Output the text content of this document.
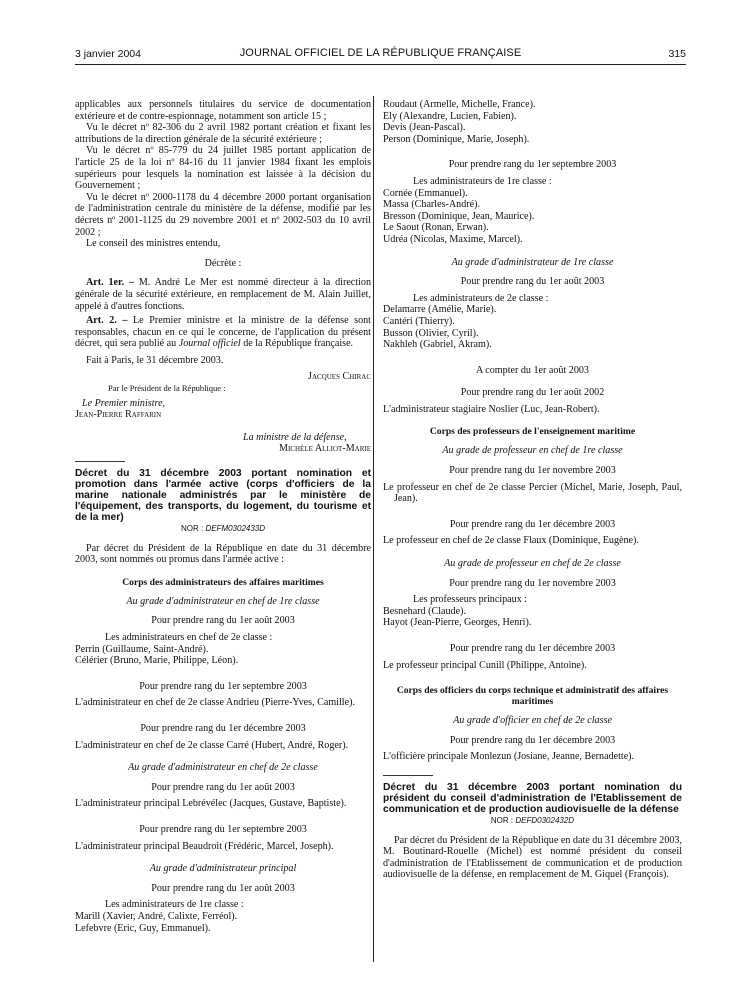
3 janvier 2004	JOURNAL OFFICIEL DE LA RÉPUBLIQUE FRANÇAISE	315

applicables aux personnels titulaires du service de documentation extérieure et de contre-espionnage, notamment son article 15 ;

Vu le décret nº 82-306 du 2 avril 1982 portant création et fixant les attributions de la direction générale de la sécurité extérieure ;

Vu le décret nº 85-779 du 24 juillet 1985 portant application de l'article 25 de la loi nº 84-16 du 11 janvier 1984 fixant les emplois supérieurs pour lesquels la nomination est laissée à la décision du Gouvernement ;

Vu le décret nº 2000-1178 du 4 décembre 2000 portant organisation de l'administration centrale du ministère de la défense, modifié par les décrets nº 2001-1125 du 29 novembre 2001 et nº 2002-503 du 10 avril 2002 ;

Le conseil des ministres entendu,

Décrète :

Art. 1er. – M. André Le Mer est nommé directeur à la direction générale de la sécurité extérieure, en remplacement de M. Alain Juillet, appelé à d'autres fonctions.

Art. 2. – Le Premier ministre et la ministre de la défense sont responsables, chacun en ce qui le concerne, de l'application du présent décret, qui sera publié au Journal officiel de la République française.

Fait à Paris, le 31 décembre 2003.

Jacques Chirac

Par le Président de la République :

Le Premier ministre,

Jean-Pierre Raffarin

La ministre de la défense,

Michèle Alliot-Marie

Décret du 31 décembre 2003 portant nomination et promotion dans l'armée active (corps d'officiers de la marine nationale administrés par le ministère de l'équipement, des transports, du logement, du tourisme et de la mer)

NOR : DEFM0302433D

Par décret du Président de la République en date du 31 décembre 2003, sont nommés ou promus dans l'armée active :

Corps des administrateurs des affaires maritimes

Au grade d'administrateur en chef de 1re classe

Pour prendre rang du 1er août 2003

Les administrateurs en chef de 2e classe :

Perrin (Guillaume, Saint-André).

Célérier (Bruno, Marie, Philippe, Léon).

Pour prendre rang du 1er septembre 2003

L'administrateur en chef de 2e classe Andrieu (Pierre-Yves, Camille).

Pour prendre rang du 1er décembre 2003

L'administrateur en chef de 2e classe Carré (Hubert, André, Roger).

Au grade d'administrateur en chef de 2e classe

Pour prendre rang du 1er août 2003

L'administrateur principal Lebrévélec (Jacques, Gustave, Baptiste).

Pour prendre rang du 1er septembre 2003

L'administrateur principal Beaudroit (Frédéric, Marcel, Joseph).

Au grade d'administrateur principal

Pour prendre rang du 1er août 2003

Les administrateurs de 1re classe :

Marill (Xavier, André, Calixte, Ferréol).

Lefebvre (Eric, Guy, Emmanuel).

Roudaut (Armelle, Michelle, France).

Ely (Alexandre, Lucien, Fabien).

Devis (Jean-Pascal).

Person (Dominique, Marie, Joseph).

Pour prendre rang du 1er septembre 2003

Les administrateurs de 1re classe :

Cornée (Emmanuel).

Massa (Charles-André).

Bresson (Dominique, Jean, Maurice).

Le Saout (Ronan, Erwan).

Udréa (Nicolas, Maxime, Marcel).

Au grade d'administrateur de 1re classe

Pour prendre rang du 1er août 2003

Les administrateurs de 2e classe :

Delamarre (Amélie, Marie).

Cantéri (Thierry).

Busson (Olivier, Cyril).

Nakhleh (Gabriel, Akram).

A compter du 1er août 2003

Pour prendre rang du 1er août 2002

L'administrateur stagiaire Noslier (Luc, Jean-Robert).

Corps des professeurs de l'enseignement maritime

Au grade de professeur en chef de 1re classe

Pour prendre rang du 1er novembre 2003

Le professeur en chef de 2e classe Percier (Michel, Marie, Joseph, Paul, Jean).

Pour prendre rang du 1er décembre 2003

Le professeur en chef de 2e classe Flaux (Dominique, Eugène).

Au grade de professeur en chef de 2e classe

Pour prendre rang du 1er novembre 2003

Les professeurs principaux :

Besnehard (Claude).

Hayot (Jean-Pierre, Georges, Henri).

Pour prendre rang du 1er décembre 2003

Le professeur principal Cunill (Philippe, Antoine).

Corps des officiers du corps technique et administratif des affaires maritimes

Au grade d'officier en chef de 2e classe

Pour prendre rang du 1er décembre 2003

L'officière principale Monlezun (Josiane, Jeanne, Bernadette).

Décret du 31 décembre 2003 portant nomination du président du conseil d'administration de l'Etablissement de communication et de production audiovisuelle de la défense

NOR : DEFD0302432D

Par décret du Président de la République en date du 31 décembre 2003, M. Boutinard-Rouelle (Michel) est nommé président du conseil d'administration de l'Etablissement de communication et de production audiovisuelle de la défense, en remplacement de M. Giquel (François).
